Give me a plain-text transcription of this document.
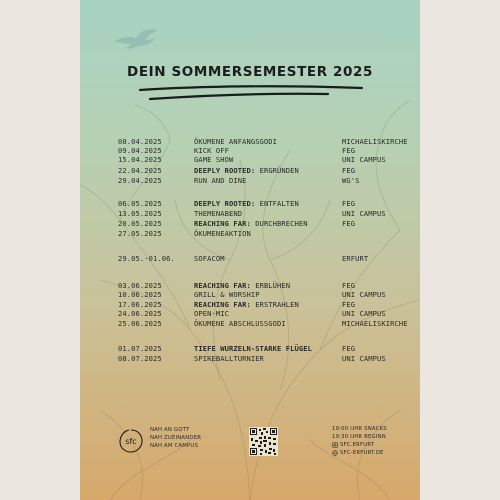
DEIN SOMMERSEMESTER 2025
08.04.2025	ÖKUMENE ANFANGSGODI	MICHAELISKIRCHE
09.04.2025	KICK OFF	FEG
15.04.2025	GAME SHOW	UNI CAMPUS
22.04.2025	DEEPLY ROOTED: ERGRÜNDEN	FEG
29.04.2025	RUN AND DINE	WG'S
06.05.2025	DEEPLY ROOTED: ENTFALTEN	FEG
13.05.2025	THEMENABEND	UNI CAMPUS
20.05.2025	REACHING FAR: DURCHBRECHEN	FEG
27.05.2025	ÖKUMENEAKTION
29.05.-01.06.	SOFACOM	ERFURT
03.06.2025	REACHING FAR: ERBLÜHEN	FEG
10.06.2025	GRILL & WORSHIP	UNI CAMPUS
17.06.2025	REACHING FAR: ERSTRAHLEN	FEG
24.06.2025	OPEN-MIC	UNI CAMPUS
25.06.2025	ÖKUMENE ABSCHLUSSGODI	MICHAELISKIRCHE
01.07.2025	TIEFE WURZELN-STARKE FLÜGEL	FEG
08.07.2025	SPIKEBALLTURNIER	UNI CAMPUS
sfc
NAH AN GOTT
NAH ZUEINANDER
NAH AM CAMPUS
19:00 UHR SNACKS
19:30 UHR BEGINN
SFC.ERFURT
SFC-ERFURT.DE
